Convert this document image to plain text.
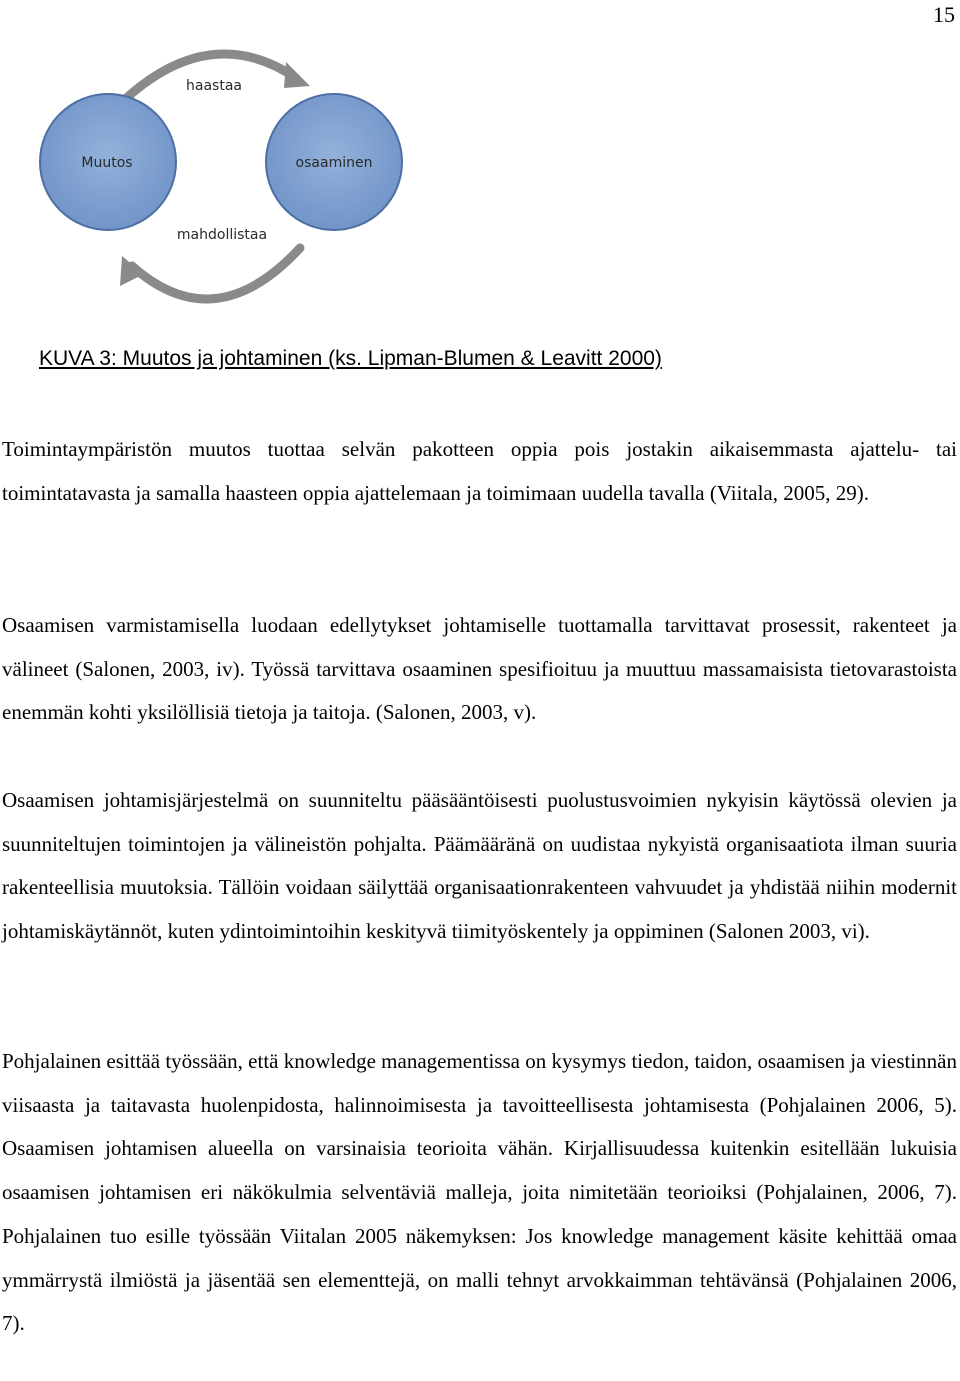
15
Muutos	osaaminen
haastaa
mahdollistaa
KUVA 3: Muutos ja johtaminen (ks. Lipman-Blumen & Leavitt 2000)

Toimintaympäristön muutos tuottaa selvän pakotteen oppia pois jostakin aikaisemmasta ajattelu- tai toimintatavasta ja samalla haasteen oppia ajattelemaan ja toimimaan uudella tavalla (Viitala, 2005, 29).

Osaamisen varmistamisella luodaan edellytykset johtamiselle tuottamalla tarvittavat prosessit, rakenteet ja välineet (Salonen, 2003, iv). Työssä tarvittava osaaminen spesifioituu ja muuttuu massamaisista tietovarastoista enemmän kohti yksilöllisiä tietoja ja taitoja. (Salonen, 2003, v).

Osaamisen johtamisjärjestelmä on suunniteltu pääsääntöisesti puolustusvoimien nykyisin käytössä olevien ja suunniteltujen toimintojen ja välineistön pohjalta. Päämääränä on uudistaa nykyistä organisaatiota ilman suuria rakenteellisia muutoksia. Tällöin voidaan säilyttää organisaationrakenteen vahvuudet ja yhdistää niihin modernit johtamiskäytännöt, kuten ydintoimintoihin keskityvä tiimityöskentely ja oppiminen (Salonen 2003, vi).

Pohjalainen esittää työssään, että knowledge managementissa on kysymys tiedon, taidon, osaamisen ja viestinnän viisaasta ja taitavasta huolenpidosta, halinnoimisesta ja tavoitteellisesta johtamisesta (Pohjalainen 2006, 5). Osaamisen johtamisen alueella on varsinaisia teorioita vähän. Kirjallisuudessa kuitenkin esitellään lukuisia osaamisen johtamisen eri näkökulmia selventäviä malleja, joita nimitetään teorioiksi (Pohjalainen, 2006, 7). Pohjalainen tuo esille työssään Viitalan 2005 näkemyksen: Jos knowledge management käsite kehittää omaa ymmärrystä ilmiöstä ja jäsentää sen elementtejä, on malli tehnyt arvokkaimman tehtävänsä (Pohjalainen 2006, 7).
